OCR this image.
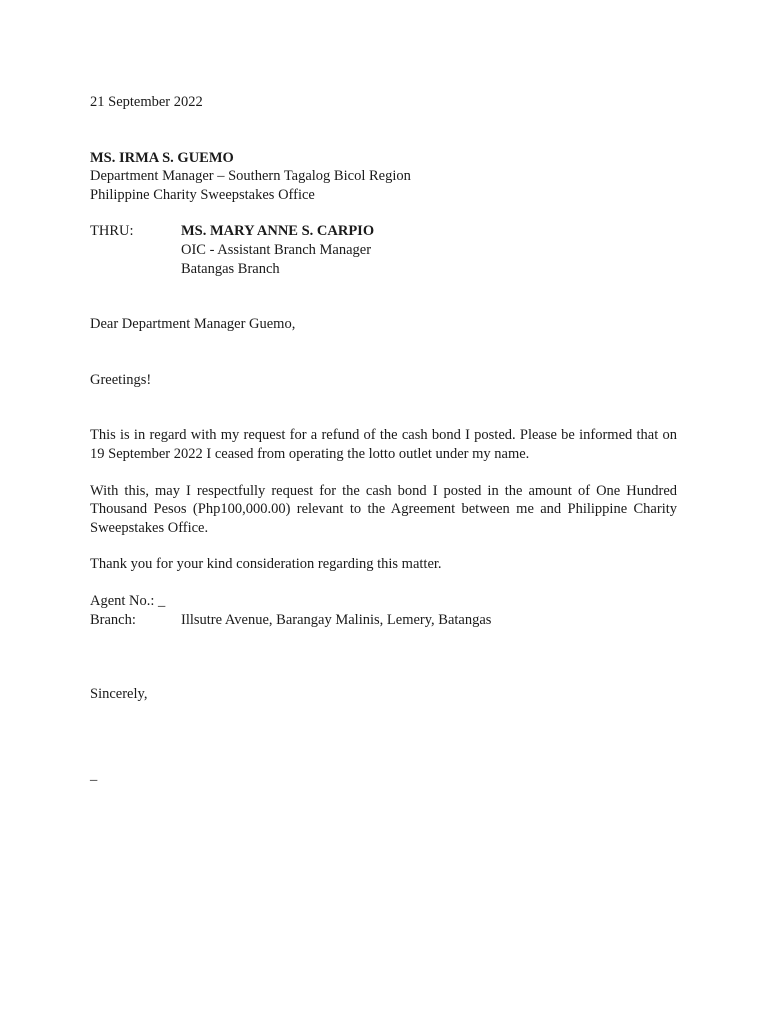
21 September 2022

MS. IRMA S. GUEMO

Department Manager – Southern Tagalog Bicol Region

Philippine Charity Sweepstakes Office

THRU:	MS. MARY ANNE S. CARPIO
OIC - Assistant Branch Manager
Batangas Branch

Dear Department Manager Guemo,

Greetings!

This is in regard with my request for a refund of the cash bond I posted. Please be informed that on 19 September 2022 I ceased from operating the lotto outlet under my name.

With this, may I respectfully request for the cash bond I posted in the amount of One Hundred Thousand Pesos (Php100,000.00) relevant to the Agreement between me and Philippine Charity Sweepstakes Office.

Thank you for your kind consideration regarding this matter.

Agent No.: _

Branch:	Illsutre Avenue, Barangay Malinis, Lemery, Batangas

Sincerely,

_
